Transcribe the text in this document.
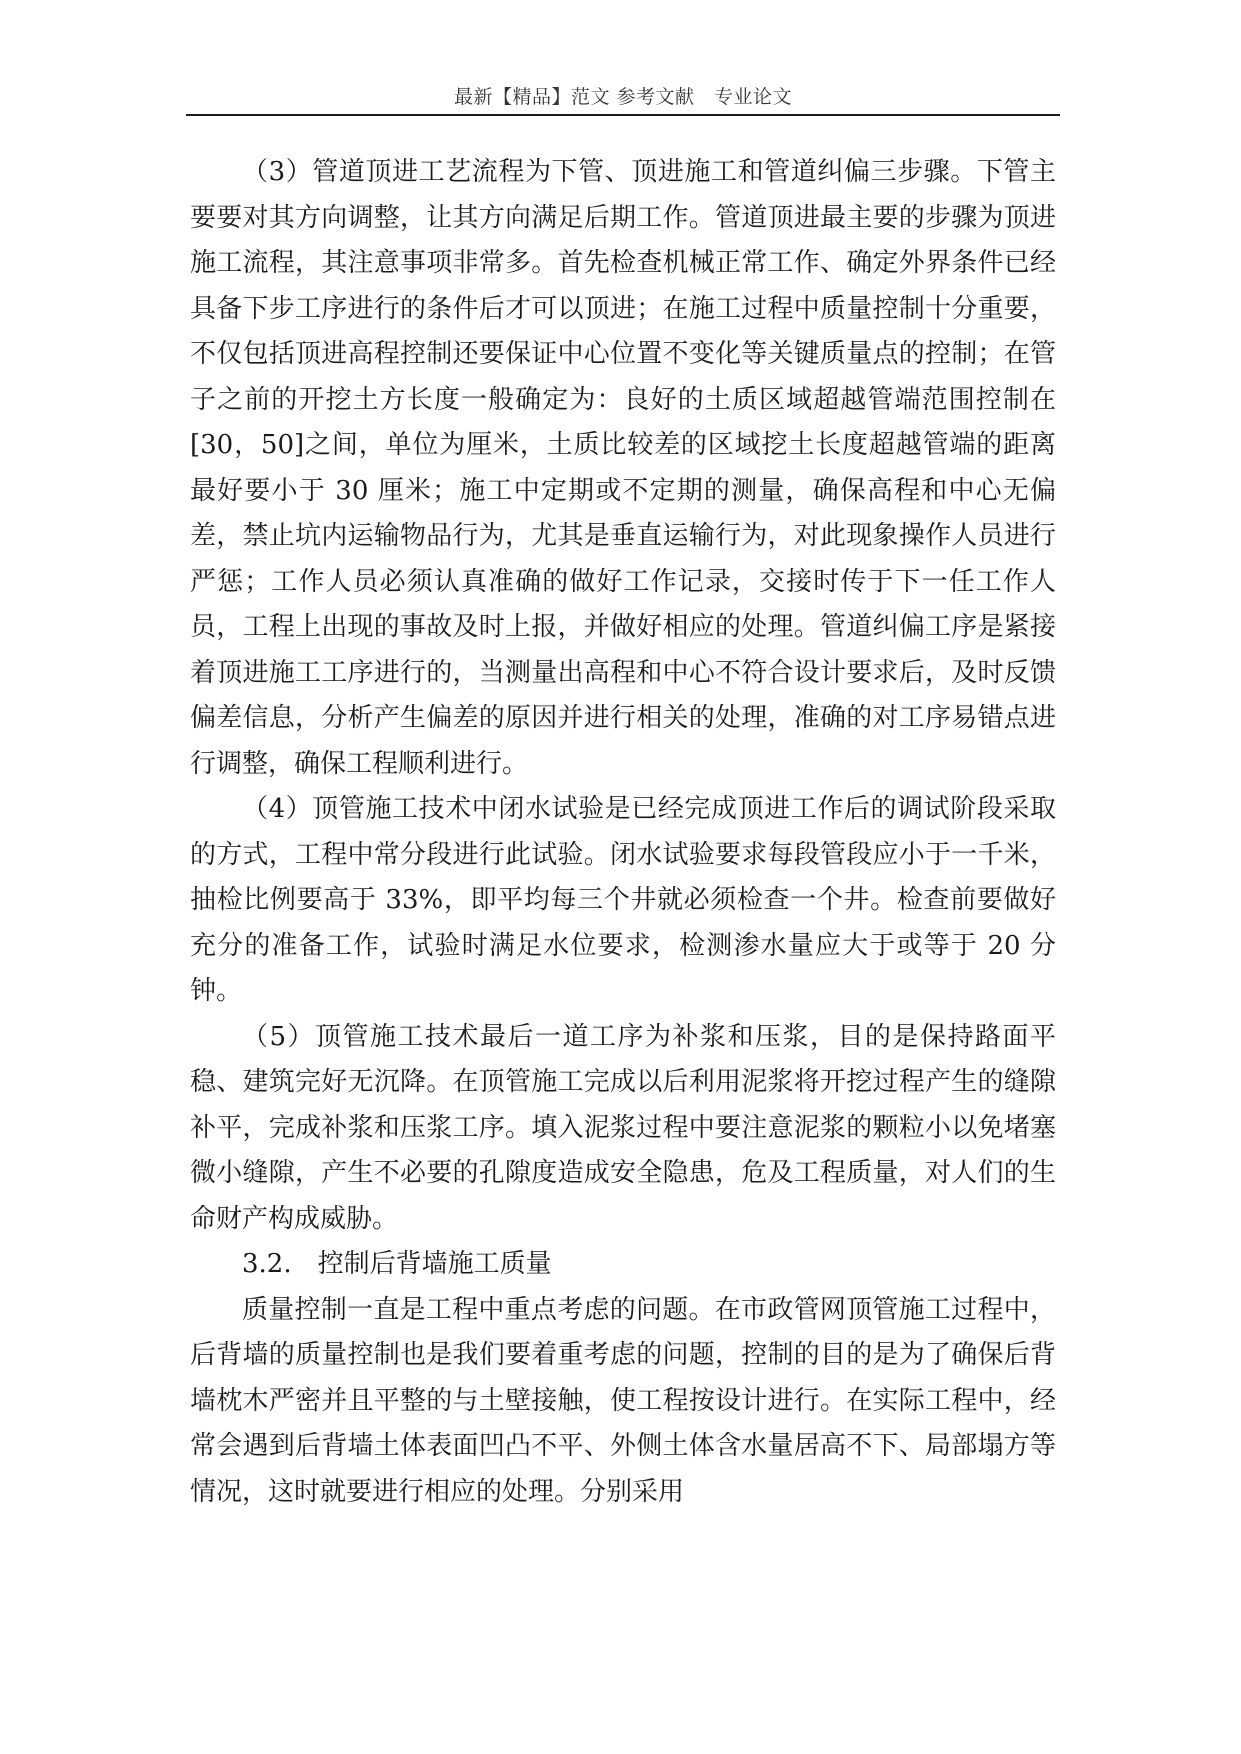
最新【精品】范文 参考文献　专业论文

（3）管道顶进工艺流程为下管、顶进施工和管道纠偏三步骤。下管主要要对其方向调整，让其方向满足后期工作。管道顶进最主要的步骤为顶进施工流程，其注意事项非常多。首先检查机械正常工作、确定外界条件已经具备下步工序进行的条件后才可以顶进；在施工过程中质量控制十分重要，不仅包括顶进高程控制还要保证中心位置不变化等关键质量点的控制；在管子之前的开挖土方长度一般确定为：良好的土质区域超越管端范围控制在[30，50]之间，单位为厘米，土质比较差的区域挖土长度超越管端的距离最好要小于 30 厘米；施工中定期或不定期的测量，确保高程和中心无偏差，禁止坑内运输物品行为，尤其是垂直运输行为，对此现象操作人员进行严惩；工作人员必须认真准确的做好工作记录，交接时传于下一任工作人员，工程上出现的事故及时上报，并做好相应的处理。管道纠偏工序是紧接着顶进施工工序进行的，当测量出高程和中心不符合设计要求后，及时反馈偏差信息，分析产生偏差的原因并进行相关的处理，准确的对工序易错点进行调整，确保工程顺利进行。

（4）顶管施工技术中闭水试验是已经完成顶进工作后的调试阶段采取的方式，工程中常分段进行此试验。闭水试验要求每段管段应小于一千米，抽检比例要高于 33%，即平均每三个井就必须检查一个井。检查前要做好充分的准备工作，试验时满足水位要求，检测渗水量应大于或等于 20 分钟。

（5）顶管施工技术最后一道工序为补浆和压浆，目的是保持路面平稳、建筑完好无沉降。在顶管施工完成以后利用泥浆将开挖过程产生的缝隙补平，完成补浆和压浆工序。填入泥浆过程中要注意泥浆的颗粒小以免堵塞微小缝隙，产生不必要的孔隙度造成安全隐患，危及工程质量，对人们的生命财产构成威胁。

3.2.　控制后背墙施工质量

质量控制一直是工程中重点考虑的问题。在市政管网顶管施工过程中，后背墙的质量控制也是我们要着重考虑的问题，控制的目的是为了确保后背墙枕木严密并且平整的与土壁接触，使工程按设计进行。在实际工程中，经常会遇到后背墙土体表面凹凸不平、外侧土体含水量居高不下、局部塌方等情况，这时就要进行相应的处理。分别采用
